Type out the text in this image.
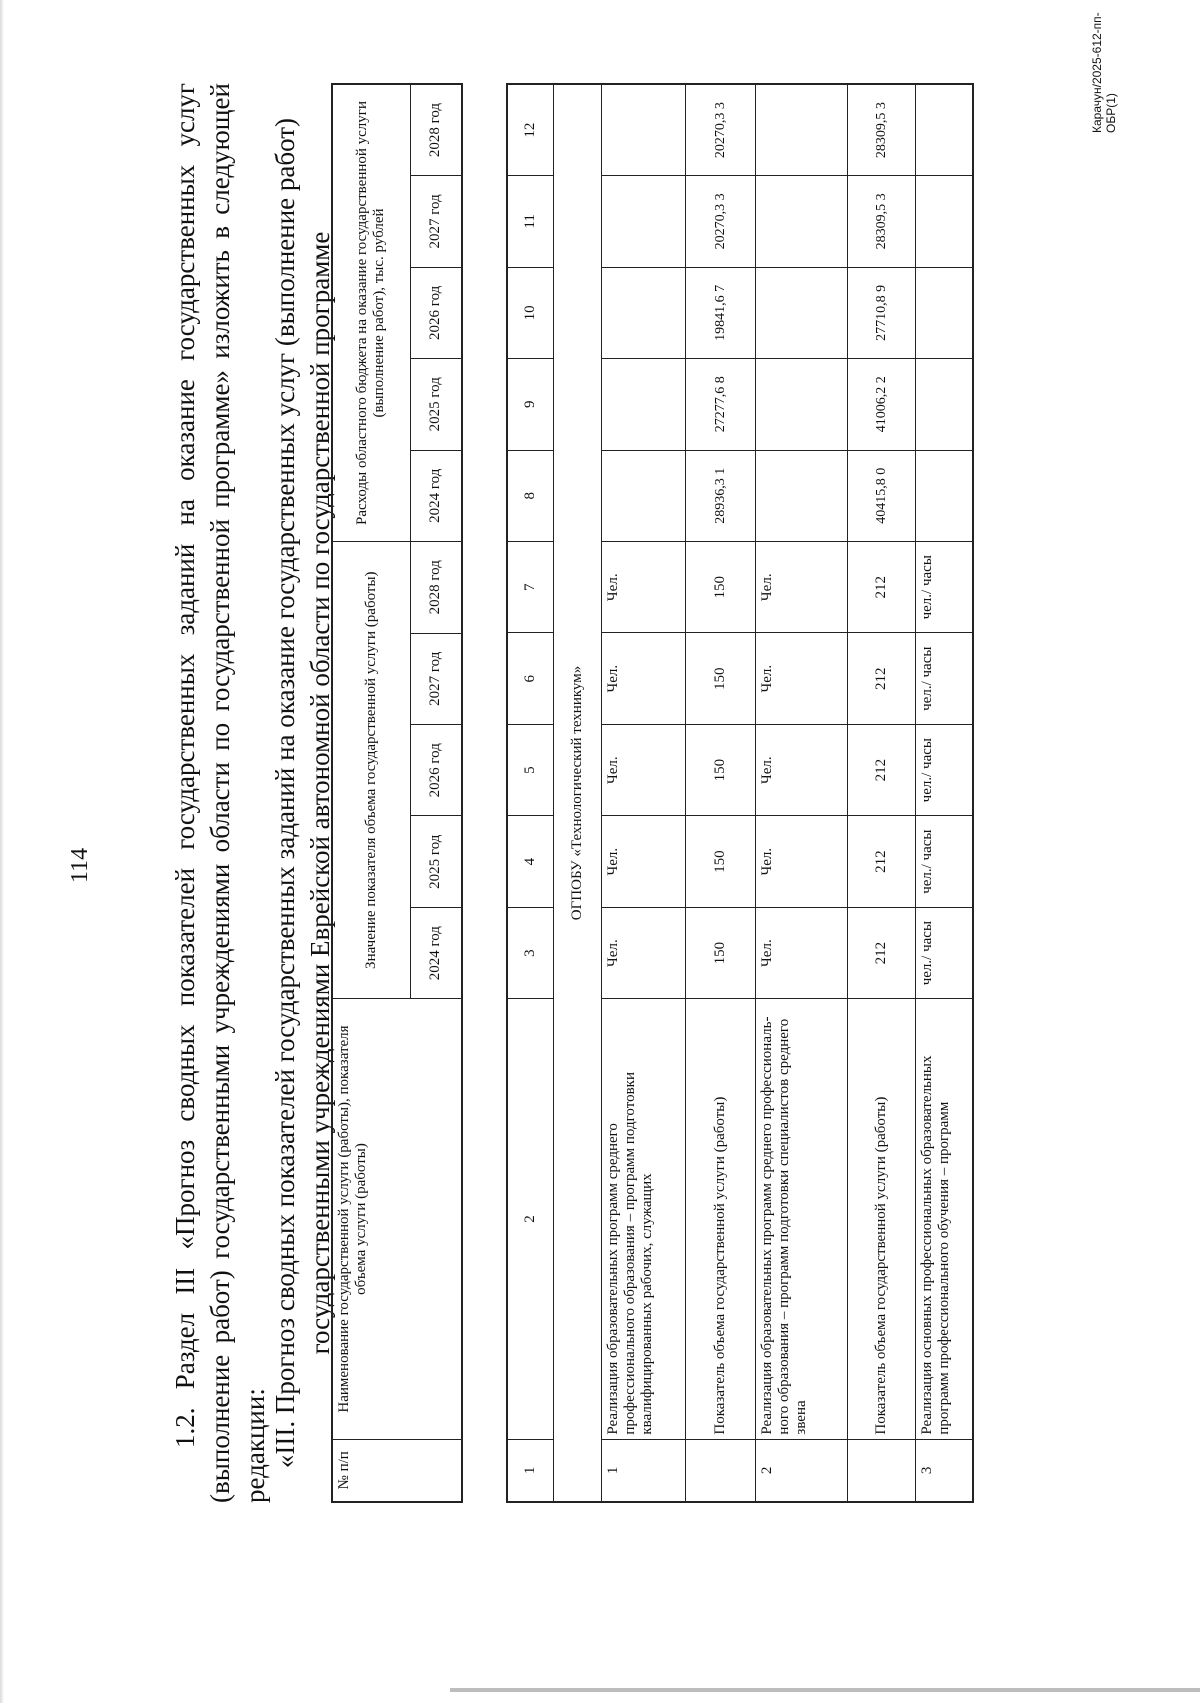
114	1.2. Раздел III «Прогноз сводных показателей государственных заданий на оказание государственных услуг (выполнение работ) государственными учреждениями области по государственной программе» изложить в следующей редакции: «III. Прогноз сводных показателей государственных заданий на оказание государственных услуг (выполнение работ) государственными учреждениями Еврейской автономной области по государственной программе
№ п/п	Наименование государственной услуги (работы), показателя объема услуги (работы)	Значение показателя объема государственной услуги (работы)					Расходы областного бюджета на оказание государственной услуги (выполнение работ), тыс. рублей				
		2024 год	2025 год	2026 год	2027 год	2028 год	2024 год	2025 год	2026 год	2027 год	2028 год
1	2	3	4	5	6	7	8	9	10	11	12
ОГПОБУ «Технологический техникум»											
1	Реализация образовательных программ среднего профессионального образования – программ подготовки квалифицированных рабочих, служащих	Чел.	Чел.	Чел.	Чел.	Чел.					
	Показатель объема государственной услуги (работы)	150	150	150	150	150	28936,3 1	27277,6 8	19841,6 7	20270,3 3	20270,3 3
2	Реализация образовательных программ среднего профессиональ- ного образования – программ подготовки специалистов среднего звена	Чел.	Чел.	Чел.	Чел.	Чел.					
	Показатель объема государственной услуги (работы)	212	212	212	212	212	40415,8 0	41006,2 2	27710,8 9	28309,5 3	28309,5 3
3	Реализация основных профессиональных образовательных программ профессионального обучения – программ	чел./ часы	чел./ часы	чел./ часы	чел./ часы	чел./ часы					
Карачун/2025-612-пп-ОБР(1)
